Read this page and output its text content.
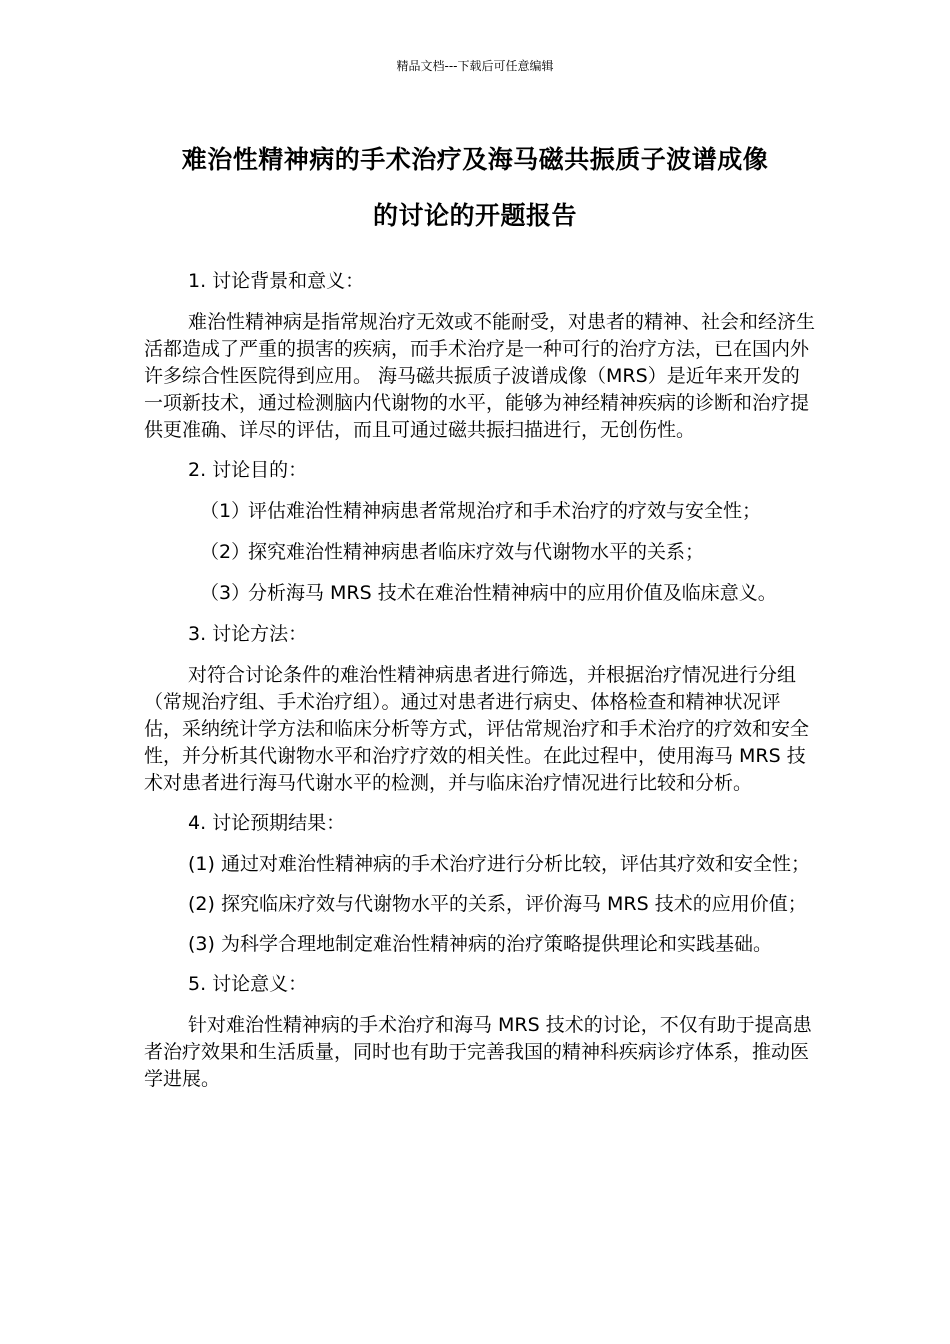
精品文档---下载后可任意编辑
难治性精神病的手术治疗及海马磁共振质子波谱成像
的讨论的开题报告
1. 讨论背景和意义：
难治性精神病是指常规治疗无效或不能耐受，对患者的精神、社会和经济生活都造成了严重的损害的疾病，而手术治疗是一种可行的治疗方法，已在国内外许多综合性医院得到应用。 海马磁共振质子波谱成像（MRS）是近年来开发的一项新技术，通过检测脑内代谢物的水平，能够为神经精神疾病的诊断和治疗提供更准确、详尽的评估，而且可通过磁共振扫描进行，无创伤性。
2. 讨论目的：
（1）评估难治性精神病患者常规治疗和手术治疗的疗效与安全性；
（2）探究难治性精神病患者临床疗效与代谢物水平的关系；
（3）分析海马 MRS 技术在难治性精神病中的应用价值及临床意义。
3. 讨论方法：
对符合讨论条件的难治性精神病患者进行筛选，并根据治疗情况进行分组（常规治疗组、手术治疗组）。通过对患者进行病史、体格检查和精神状况评估，采纳统计学方法和临床分析等方式，评估常规治疗和手术治疗的疗效和安全性，并分析其代谢物水平和治疗疗效的相关性。在此过程中，使用海马 MRS 技术对患者进行海马代谢水平的检测，并与临床治疗情况进行比较和分析。
4. 讨论预期结果：
(1) 通过对难治性精神病的手术治疗进行分析比较，评估其疗效和安全性；
(2) 探究临床疗效与代谢物水平的关系，评价海马 MRS 技术的应用价值；
(3) 为科学合理地制定难治性精神病的治疗策略提供理论和实践基础。
5. 讨论意义：
针对难治性精神病的手术治疗和海马 MRS 技术的讨论，不仅有助于提高患者治疗效果和生活质量，同时也有助于完善我国的精神科疾病诊疗体系，推动医学进展。
